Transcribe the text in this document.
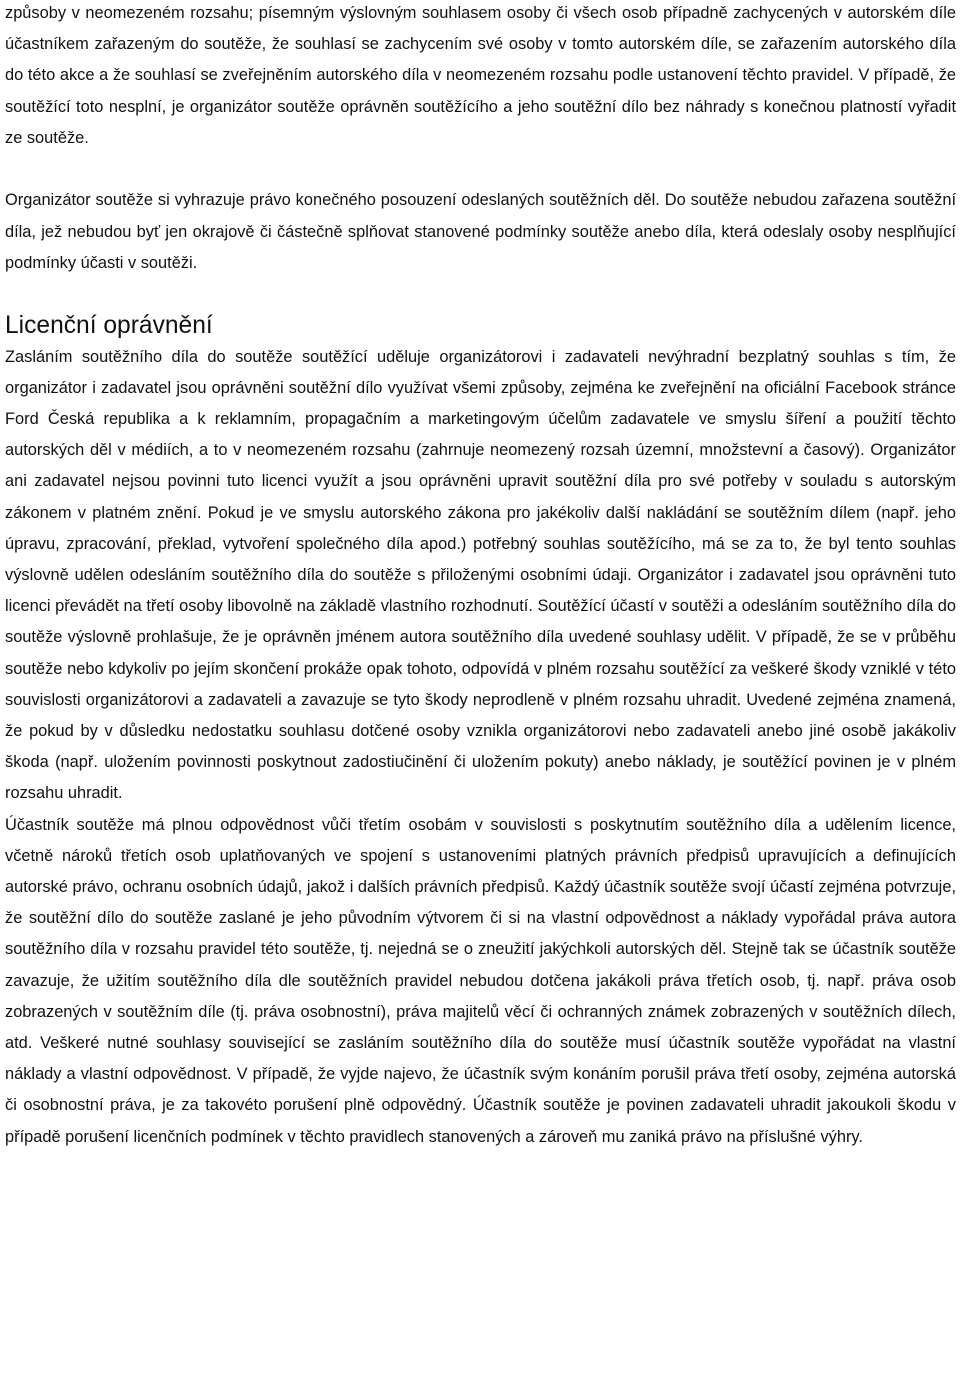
způsoby v neomezeném rozsahu; písemným výslovným souhlasem osoby či všech osob případně zachycených v autorském díle účastníkem zařazeným do soutěže, že souhlasí se zachycením své osoby v tomto autorském díle, se zařazením autorského díla do této akce a že souhlasí se zveřejněním autorského díla v neomezeném rozsahu podle ustanovení těchto pravidel. V případě, že soutěžící toto nesplní, je organizátor soutěže oprávněn soutěžícího a jeho soutěžní dílo bez náhrady s konečnou platností vyřadit ze soutěže.

Organizátor soutěže si vyhrazuje právo konečného posouzení odeslaných soutěžních děl. Do soutěže nebudou zařazena soutěžní díla, jež nebudou byť jen okrajově či částečně splňovat stanovené podmínky soutěže anebo díla, která odeslaly osoby nesplňující podmínky účasti v soutěži.

Licenční oprávnění

Zasláním soutěžního díla do soutěže soutěžící uděluje organizátorovi i zadavateli nevýhradní bezplatný souhlas s tím, že organizátor i zadavatel jsou oprávněni soutěžní dílo využívat všemi způsoby, zejména ke zveřejnění na oficiální Facebook stránce Ford Česká republika a k reklamním, propagačním a marketingovým účelům zadavatele ve smyslu šíření a použití těchto autorských děl v médiích, a to v neomezeném rozsahu (zahrnuje neomezený rozsah územní, množstevní a časový). Organizátor ani zadavatel nejsou povinni tuto licenci využít a jsou oprávněni upravit soutěžní díla pro své potřeby v souladu s autorským zákonem v platném znění. Pokud je ve smyslu autorského zákona pro jakékoliv další nakládání se soutěžním dílem (např. jeho úpravu, zpracování, překlad, vytvoření společného díla apod.) potřebný souhlas soutěžícího, má se za to, že byl tento souhlas výslovně udělen odesláním soutěžního díla do soutěže s přiloženými osobními údaji. Organizátor i zadavatel jsou oprávněni tuto licenci převádět na třetí osoby libovolně na základě vlastního rozhodnutí. Soutěžící účastí v soutěži a odesláním soutěžního díla do soutěže výslovně prohlašuje, že je oprávněn jménem autora soutěžního díla uvedené souhlasy udělit. V případě, že se v průběhu soutěže nebo kdykoliv po jejím skončení prokáže opak tohoto, odpovídá v plném rozsahu soutěžící za veškeré škody vzniklé v této souvislosti organizátorovi a zadavateli a zavazuje se tyto škody neprodleně v plném rozsahu uhradit. Uvedené zejména znamená, že pokud by v důsledku nedostatku souhlasu dotčené osoby vznikla organizátorovi nebo zadavateli anebo jiné osobě jakákoliv škoda (např. uložením povinnosti poskytnout zadostiučinění či uložením pokuty) anebo náklady, je soutěžící povinen je v plném rozsahu uhradit.

Účastník soutěže má plnou odpovědnost vůči třetím osobám v souvislosti s poskytnutím soutěžního díla a udělením licence, včetně nároků třetích osob uplatňovaných ve spojení s ustanoveními platných právních předpisů upravujících a definujících autorské právo, ochranu osobních údajů, jakož i dalších právních předpisů. Každý účastník soutěže svojí účastí zejména potvrzuje, že soutěžní dílo do soutěže zaslané je jeho původním výtvorem či si na vlastní odpovědnost a náklady vypořádal práva autora soutěžního díla v rozsahu pravidel této soutěže, tj. nejedná se o zneužití jakýchkoli autorských děl. Stejně tak se účastník soutěže zavazuje, že užitím soutěžního díla dle soutěžních pravidel nebudou dotčena jakákoli práva třetích osob, tj. např. práva osob zobrazených v soutěžním díle (tj. práva osobnostní), práva majitelů věcí či ochranných známek zobrazených v soutěžních dílech, atd. Veškeré nutné souhlasy související se zasláním soutěžního díla do soutěže musí účastník soutěže vypořádat na vlastní náklady a vlastní odpovědnost. V případě, že vyjde najevo, že účastník svým konáním porušil práva třetí osoby, zejména autorská či osobnostní práva, je za takovéto porušení plně odpovědný. Účastník soutěže je povinen zadavateli uhradit jakoukoli škodu v případě porušení licenčních podmínek v těchto pravidlech stanovených a zároveň mu zaniká právo na příslušné výhry.
